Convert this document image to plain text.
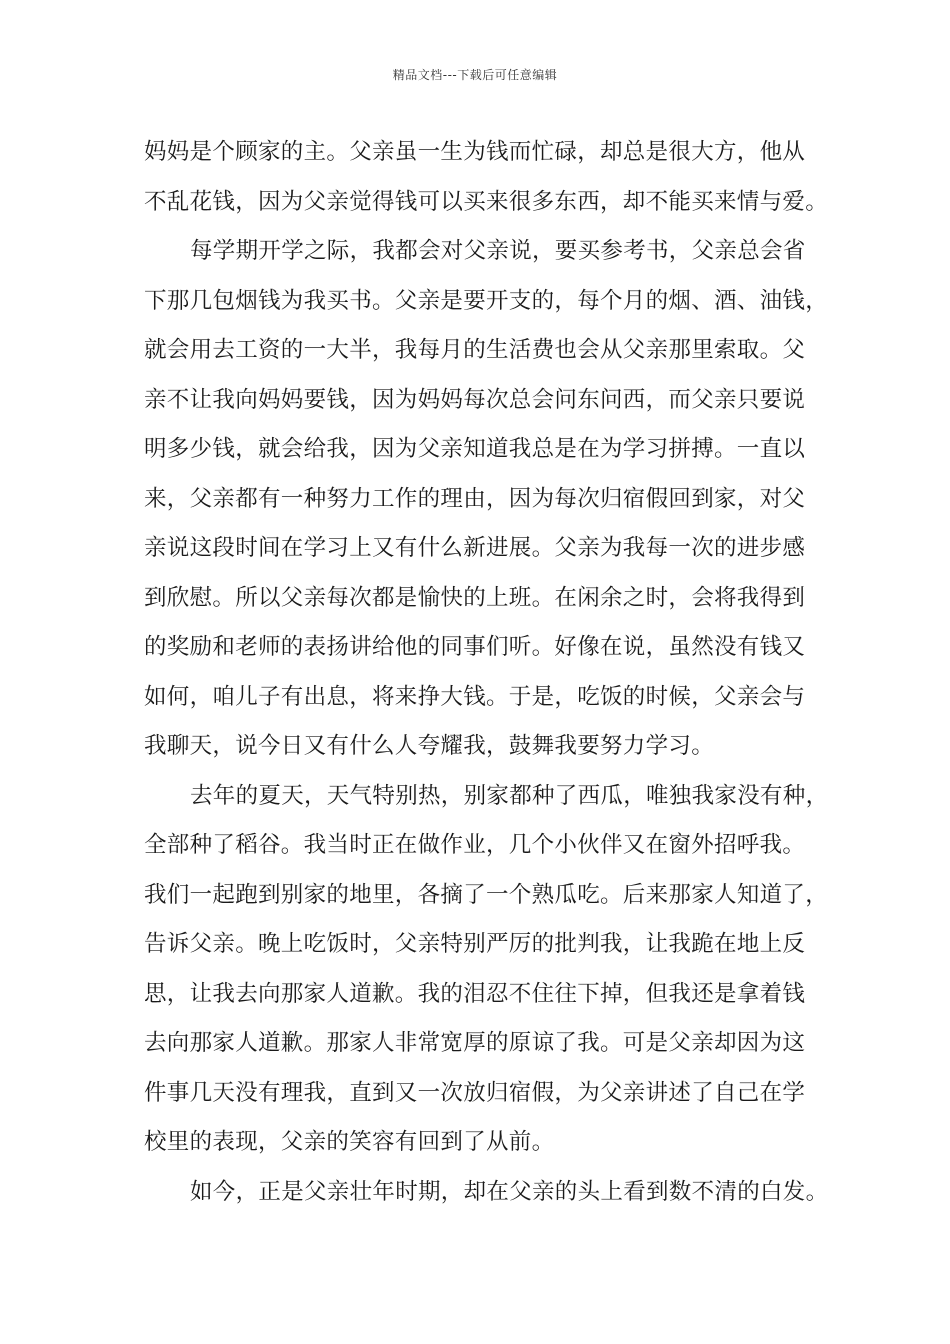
精品文档---下载后可任意编辑
妈妈是个顾家的主。父亲虽一生为钱而忙碌，却总是很大方，他从
不乱花钱，因为父亲觉得钱可以买来很多东西，却不能买来情与爱。
每学期开学之际，我都会对父亲说，要买参考书，父亲总会省
下那几包烟钱为我买书。父亲是要开支的，每个月的烟、酒、油钱，
就会用去工资的一大半，我每月的生活费也会从父亲那里索取。父
亲不让我向妈妈要钱，因为妈妈每次总会问东问西，而父亲只要说
明多少钱，就会给我，因为父亲知道我总是在为学习拼搏。一直以
来，父亲都有一种努力工作的理由，因为每次归宿假回到家，对父
亲说这段时间在学习上又有什么新进展。父亲为我每一次的进步感
到欣慰。所以父亲每次都是愉快的上班。在闲余之时，会将我得到
的奖励和老师的表扬讲给他的同事们听。好像在说，虽然没有钱又
如何，咱儿子有出息，将来挣大钱。于是，吃饭的时候，父亲会与
我聊天，说今日又有什么人夸耀我，鼓舞我要努力学习。
去年的夏天，天气特别热，别家都种了西瓜，唯独我家没有种，
全部种了稻谷。我当时正在做作业，几个小伙伴又在窗外招呼我。
我们一起跑到别家的地里，各摘了一个熟瓜吃。后来那家人知道了，
告诉父亲。晚上吃饭时，父亲特别严厉的批判我，让我跪在地上反
思，让我去向那家人道歉。我的泪忍不住往下掉，但我还是拿着钱
去向那家人道歉。那家人非常宽厚的原谅了我。可是父亲却因为这
件事几天没有理我，直到又一次放归宿假，为父亲讲述了自己在学
校里的表现，父亲的笑容有回到了从前。
如今，正是父亲壮年时期，却在父亲的头上看到数不清的白发。
